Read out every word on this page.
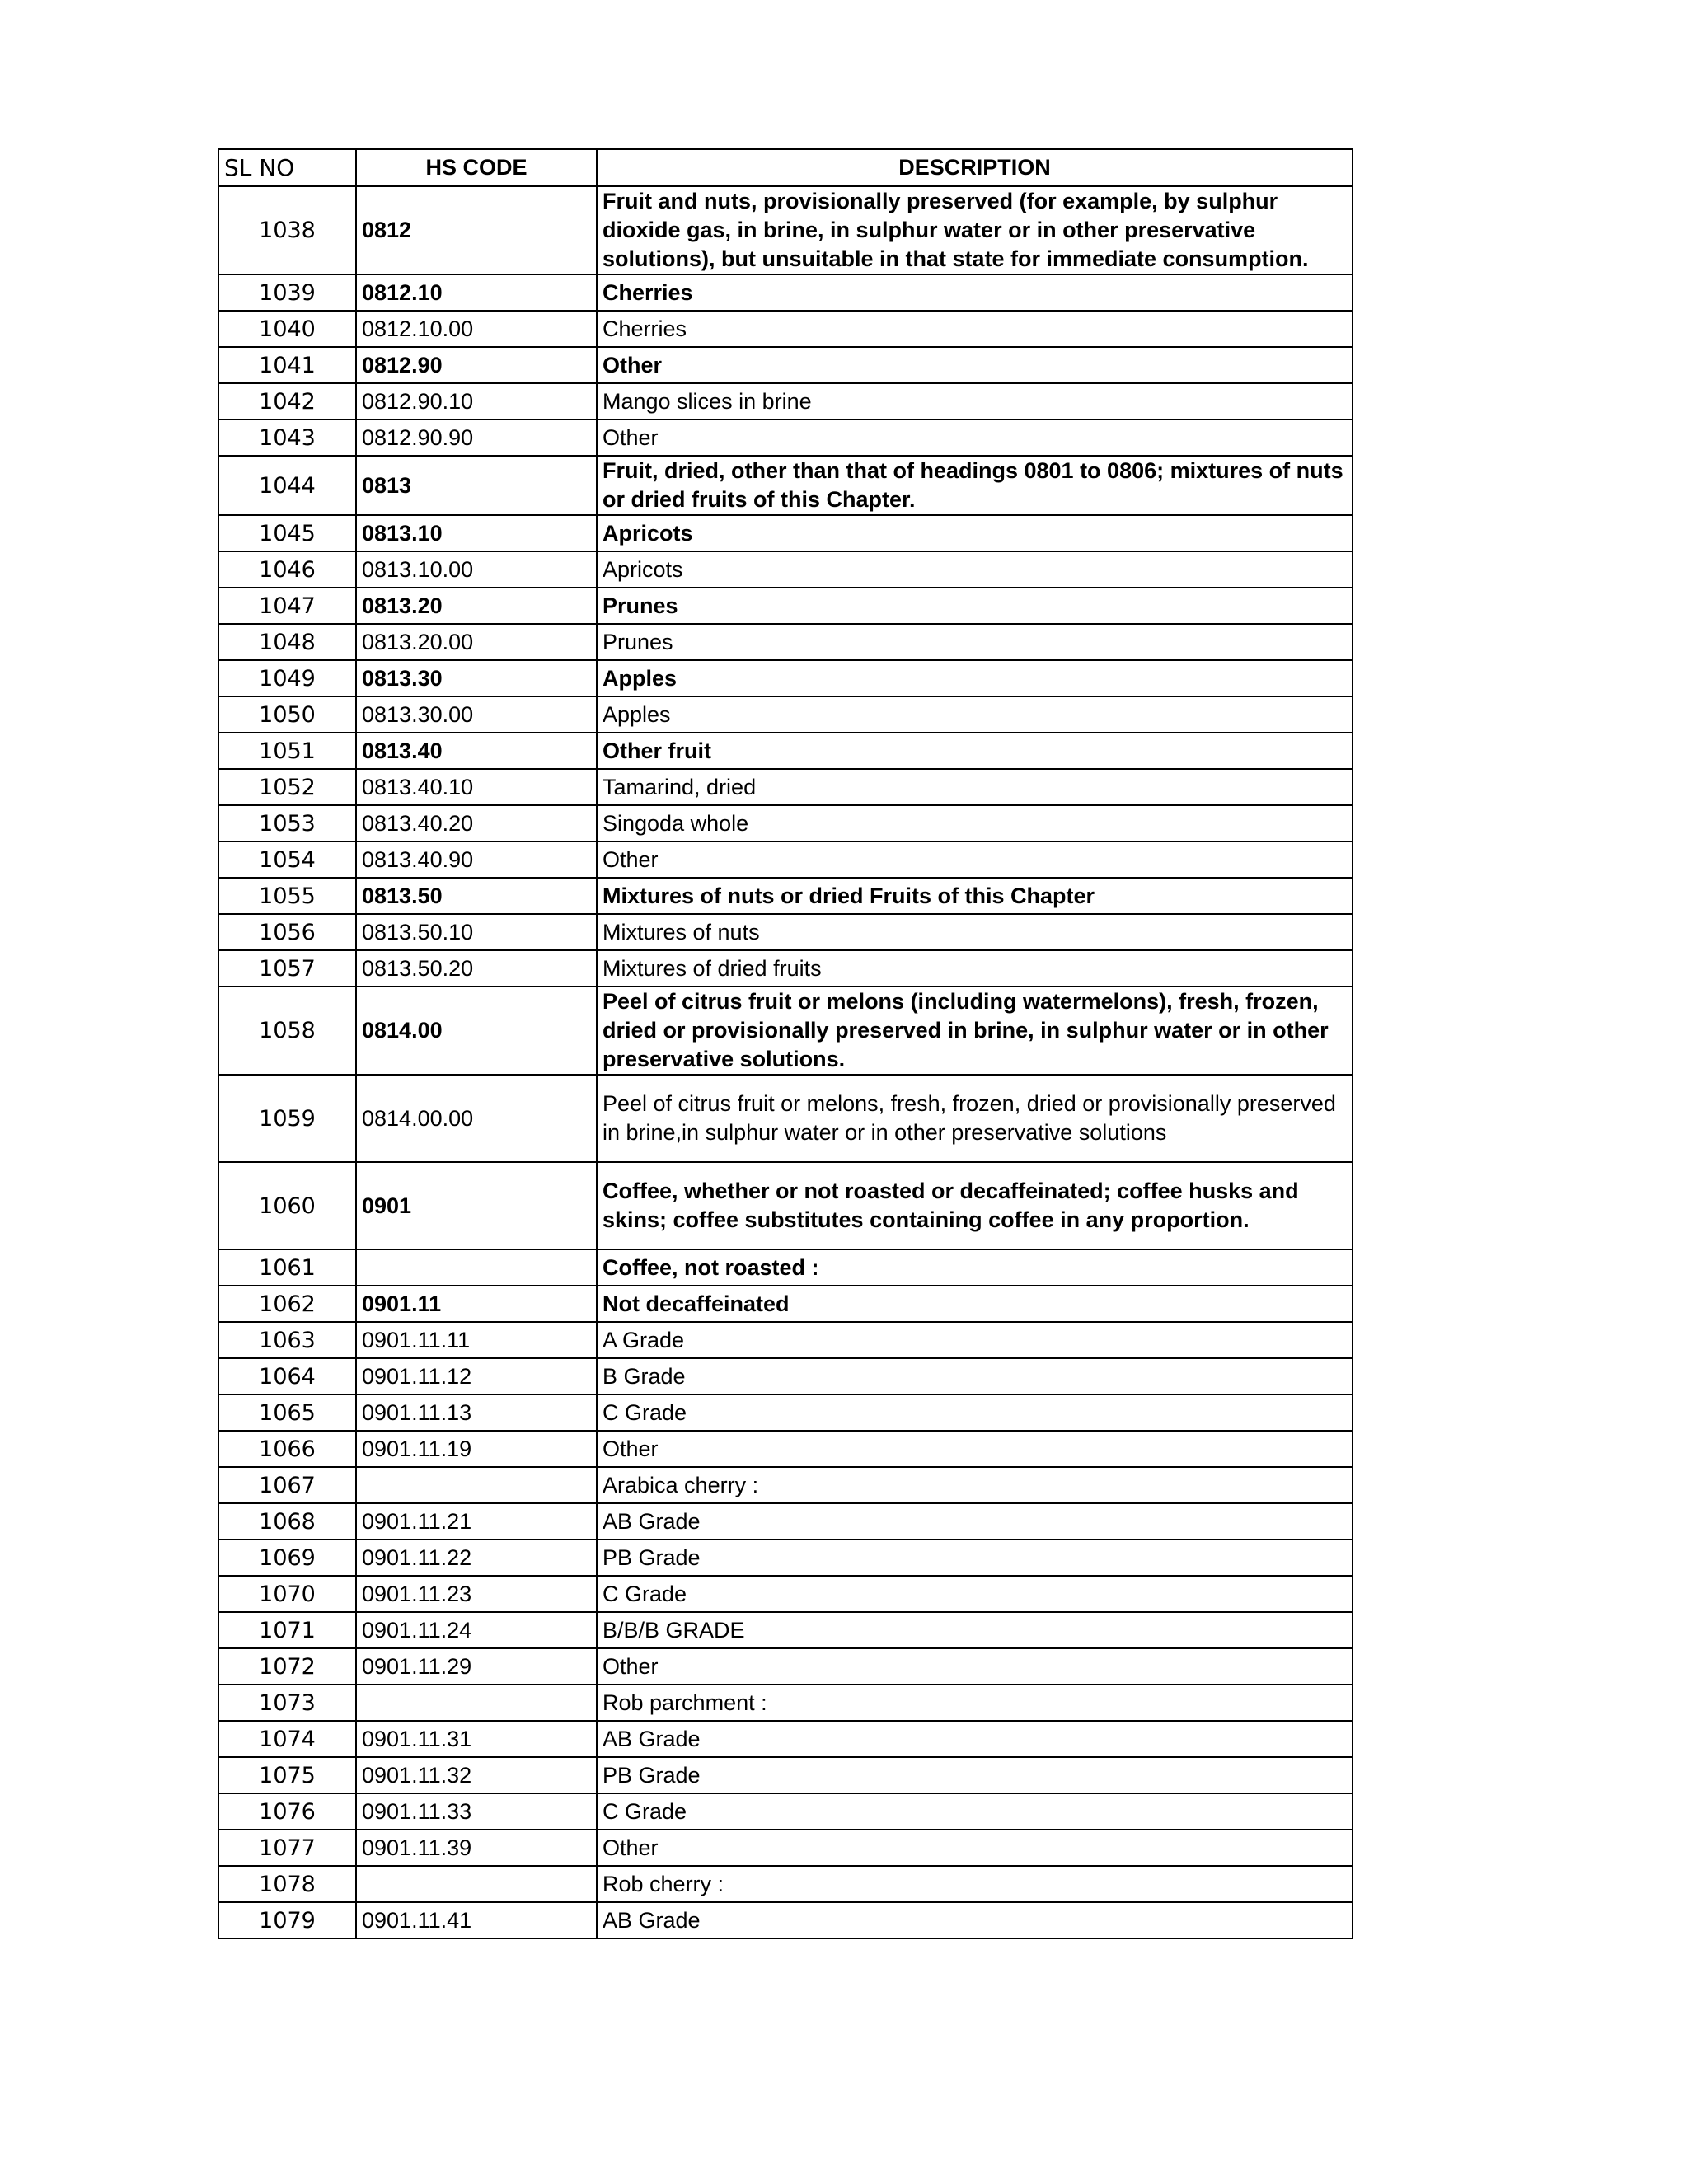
SL NO	HS CODE	DESCRIPTION
1038	0812	Fruit and nuts, provisionally preserved (for example, by sulphur dioxide gas, in brine, in sulphur water or in other preservative solutions), but unsuitable in that state for immediate consumption.
1039	0812.10	Cherries
1040	0812.10.00	Cherries
1041	0812.90	Other
1042	0812.90.10	Mango slices in brine
1043	0812.90.90	Other
1044	0813	Fruit, dried, other than that of headings 0801 to 0806; mixtures of nuts or dried fruits of this Chapter.
1045	0813.10	Apricots
1046	0813.10.00	Apricots
1047	0813.20	Prunes
1048	0813.20.00	Prunes
1049	0813.30	Apples
1050	0813.30.00	Apples
1051	0813.40	Other fruit
1052	0813.40.10	Tamarind, dried
1053	0813.40.20	Singoda whole
1054	0813.40.90	Other
1055	0813.50	Mixtures of nuts or dried Fruits of this Chapter
1056	0813.50.10	Mixtures of nuts
1057	0813.50.20	Mixtures of dried fruits
1058	0814.00	Peel of citrus fruit or melons (including watermelons), fresh, frozen, dried or provisionally preserved in brine, in sulphur water or in other preservative solutions.
1059	0814.00.00	Peel of citrus fruit or melons, fresh, frozen, dried or provisionally preserved in brine,in sulphur water or in other preservative solutions
1060	0901	Coffee, whether or not roasted or decaffeinated; coffee husks and skins; coffee substitutes containing coffee in any proportion.
1061		Coffee, not roasted :
1062	0901.11	Not decaffeinated
1063	0901.11.11	A Grade
1064	0901.11.12	B Grade
1065	0901.11.13	C Grade
1066	0901.11.19	Other
1067		Arabica cherry :
1068	0901.11.21	AB Grade
1069	0901.11.22	PB Grade
1070	0901.11.23	C Grade
1071	0901.11.24	B/B/B GRADE
1072	0901.11.29	Other
1073		Rob parchment :
1074	0901.11.31	AB Grade
1075	0901.11.32	PB Grade
1076	0901.11.33	C Grade
1077	0901.11.39	Other
1078		Rob cherry :
1079	0901.11.41	AB Grade
